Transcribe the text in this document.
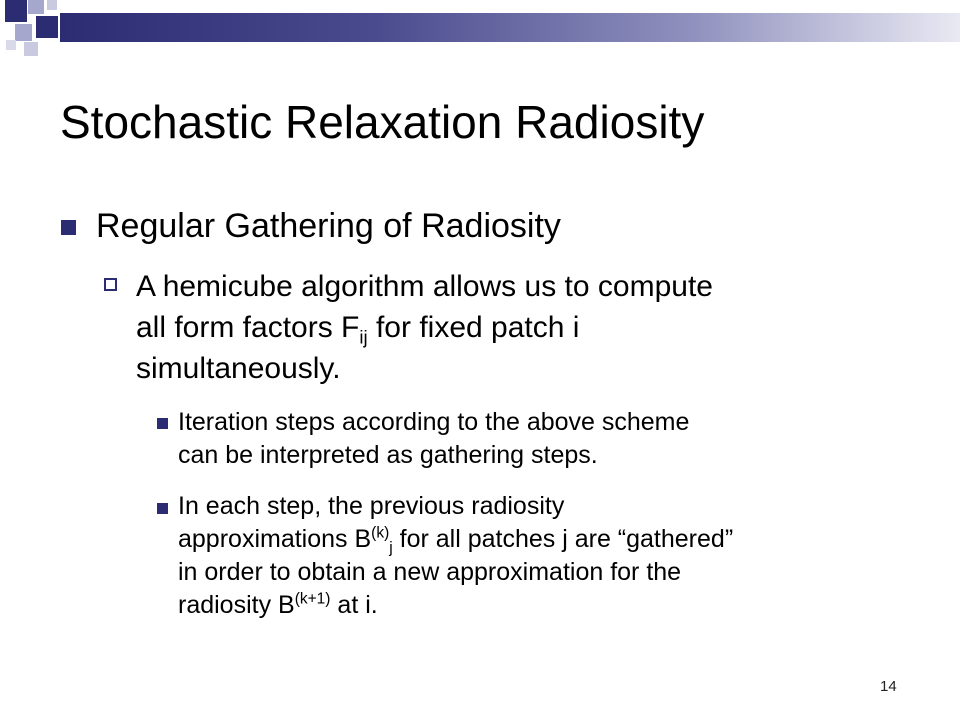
Stochastic Relaxation Radiosity
Regular Gathering of Radiosity
A hemicube algorithm allows us to compute
all form factors $F_{ij}$ for fixed patch i
simultaneously.
Iteration steps according to the above scheme
can be interpreted as gathering steps.
In each step, the previous radiosity
approximations $B^{(k)}_j$ for all patches j are “gathered”
in order to obtain a new approximation for the
radiosity $B^{(k+1)}$ at i.
14
